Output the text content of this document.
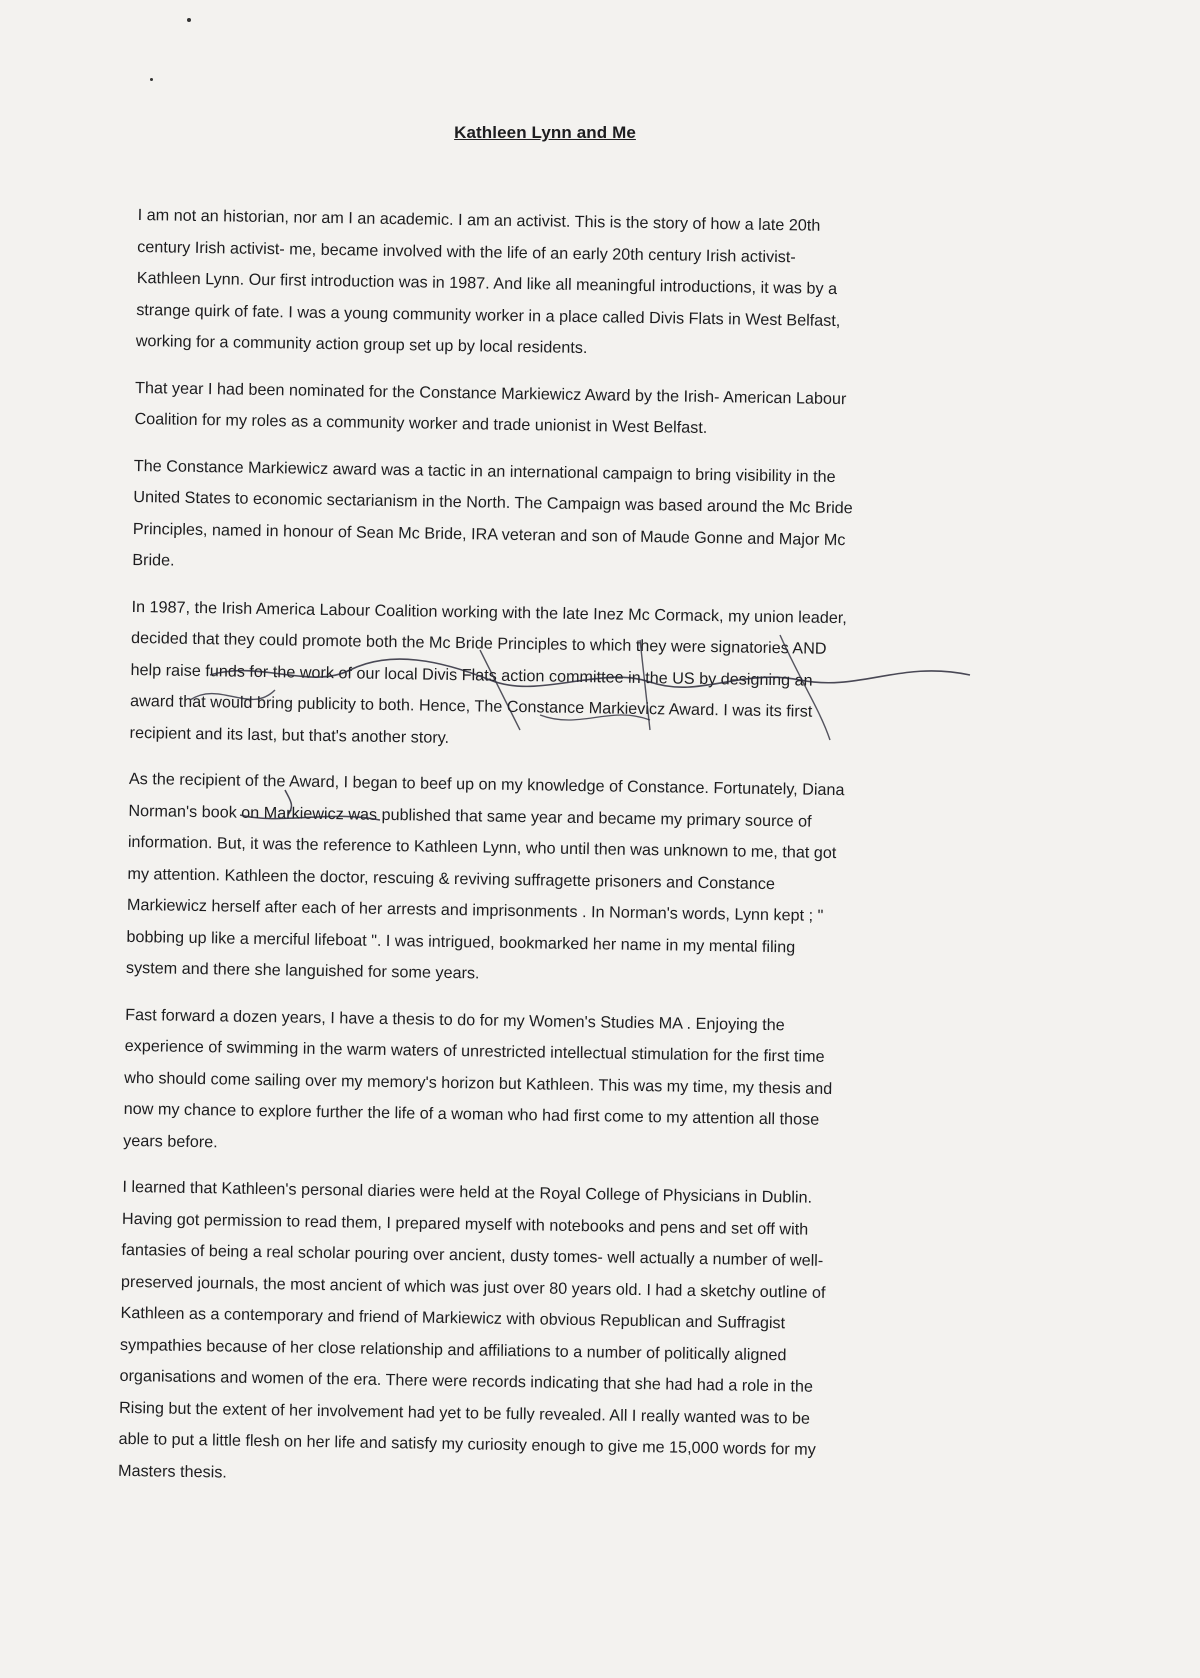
Kathleen Lynn and Me
I am not an historian, nor am I an academic. I am an activist. This is the story of how a late 20th
century Irish activist- me, became involved with the life of an early 20th century Irish activist-
Kathleen Lynn. Our first introduction was in 1987. And like all meaningful introductions, it was by a
strange quirk of fate. I was a young community worker in a place called Divis Flats in West Belfast,
working for a community action group set up by local residents.
That year I had been nominated for the Constance Markiewicz Award by the Irish- American Labour
Coalition for my roles as a community worker and trade unionist in West Belfast.
The Constance Markiewicz award was a tactic in an international campaign to bring visibility in the
United States to economic sectarianism in the North. The Campaign was based around the Mc Bride
Principles, named in honour of Sean Mc Bride, IRA veteran and son of Maude Gonne and Major Mc
Bride.
In 1987, the Irish America Labour Coalition working with the late Inez Mc Cormack, my union leader,
decided that they could promote both the Mc Bride Principles to which they were signatories AND
help raise funds for the work of our local Divis Flats action committee in the US by designing an
award that would bring publicity to both. Hence, The Constance Markievicz Award. I was its first
recipient and its last, but that's another story.
As the recipient of the Award, I began to beef up on my knowledge of Constance. Fortunately, Diana
Norman's book on Markiewicz was published that same year and became my primary source of
information. But, it was the reference to Kathleen Lynn, who until then was unknown to me, that got
my attention. Kathleen the doctor, rescuing & reviving suffragette prisoners and Constance
Markiewicz herself after each of her arrests and imprisonments . In Norman's words, Lynn kept ; "
bobbing up like a merciful lifeboat ". I was intrigued, bookmarked her name in my mental filing
system and there she languished for some years.
Fast forward a dozen years, I have a thesis to do for my Women's Studies MA . Enjoying the
experience of swimming in the warm waters of unrestricted intellectual stimulation for the first time
who should come sailing over my memory's horizon but Kathleen. This was my time, my thesis and
now my chance to explore further the life of a woman who had first come to my attention all those
years before.
I learned that Kathleen's personal diaries were held at the Royal College of Physicians in Dublin.
Having got permission to read them, I prepared myself with notebooks and pens and set off with
fantasies of being a real scholar pouring over ancient, dusty tomes- well actually a number of well-
preserved journals, the most ancient of which was just over 80 years old. I had a sketchy outline of
Kathleen as a contemporary and friend of Markiewicz with obvious Republican and Suffragist
sympathies because of her close relationship and affiliations to a number of politically aligned
organisations and women of the era. There were records indicating that she had had a role in the
Rising but the extent of her involvement had yet to be fully revealed. All I really wanted was to be
able to put a little flesh on her life and satisfy my curiosity enough to give me 15,000 words for my
Masters thesis.
